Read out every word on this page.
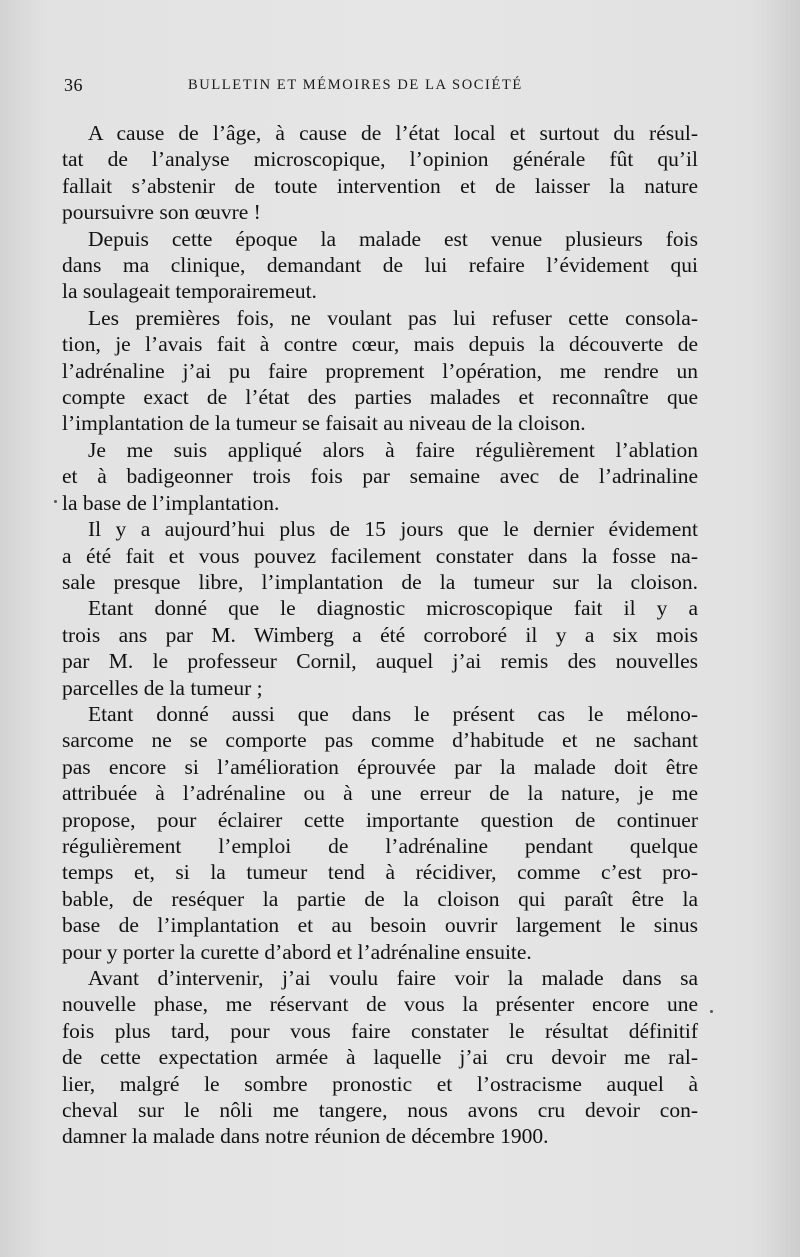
36	BULLETIN ET MÉMOIRES DE LA SOCIÉTÉ

A cause de l’âge, à cause de l’état local et surtout du résul-
tat de l’analyse microscopique, l’opinion générale fût qu’il
fallait s’abstenir de toute intervention et de laisser la nature
poursuivre son œuvre !

Depuis cette époque la malade est venue plusieurs fois
dans ma clinique, demandant de lui refaire l’évidement qui
la soulageait temporairemeut.

Les premières fois, ne voulant pas lui refuser cette consola-
tion, je l’avais fait à contre cœur, mais depuis la découverte de
l’adrénaline j’ai pu faire proprement l’opération, me rendre un
compte exact de l’état des parties malades et reconnaître que
l’implantation de la tumeur se faisait au niveau de la cloison.

Je me suis appliqué alors à faire régulièrement l’ablation
et à badigeonner trois fois par semaine avec de l’adrinaline
la base de l’implantation.

Il y a aujourd’hui plus de 15 jours que le dernier évidement
a été fait et vous pouvez facilement constater dans la fosse na-
sale presque libre, l’implantation de la tumeur sur la cloison.

Etant donné que le diagnostic microscopique fait il y a
trois ans par M. Wimberg a été corroboré il y a six mois
par M. le professeur Cornil, auquel j’ai remis des nouvelles
parcelles de la tumeur ;

Etant donné aussi que dans le présent cas le mélono-
sarcome ne se comporte pas comme d’habitude et ne sachant
pas encore si l’amélioration éprouvée par la malade doit être
attribuée à l’adrénaline ou à une erreur de la nature, je me
propose, pour éclairer cette importante question de continuer
régulièrement l’emploi de l’adrénaline pendant quelque
temps et, si la tumeur tend à récidiver, comme c’est pro-
bable, de reséquer la partie de la cloison qui paraît être la
base de l’implantation et au besoin ouvrir largement le sinus
pour y porter la curette d’abord et l’adrénaline ensuite.

Avant d’intervenir, j’ai voulu faire voir la malade dans sa
nouvelle phase, me réservant de vous la présenter encore une
fois plus tard, pour vous faire constater le résultat définitif
de cette expectation armée à laquelle j’ai cru devoir me ral-
lier, malgré le sombre pronostic et l’ostracisme auquel à
cheval sur le nôli me tangere, nous avons cru devoir con-
damner la malade dans notre réunion de décembre 1900.
